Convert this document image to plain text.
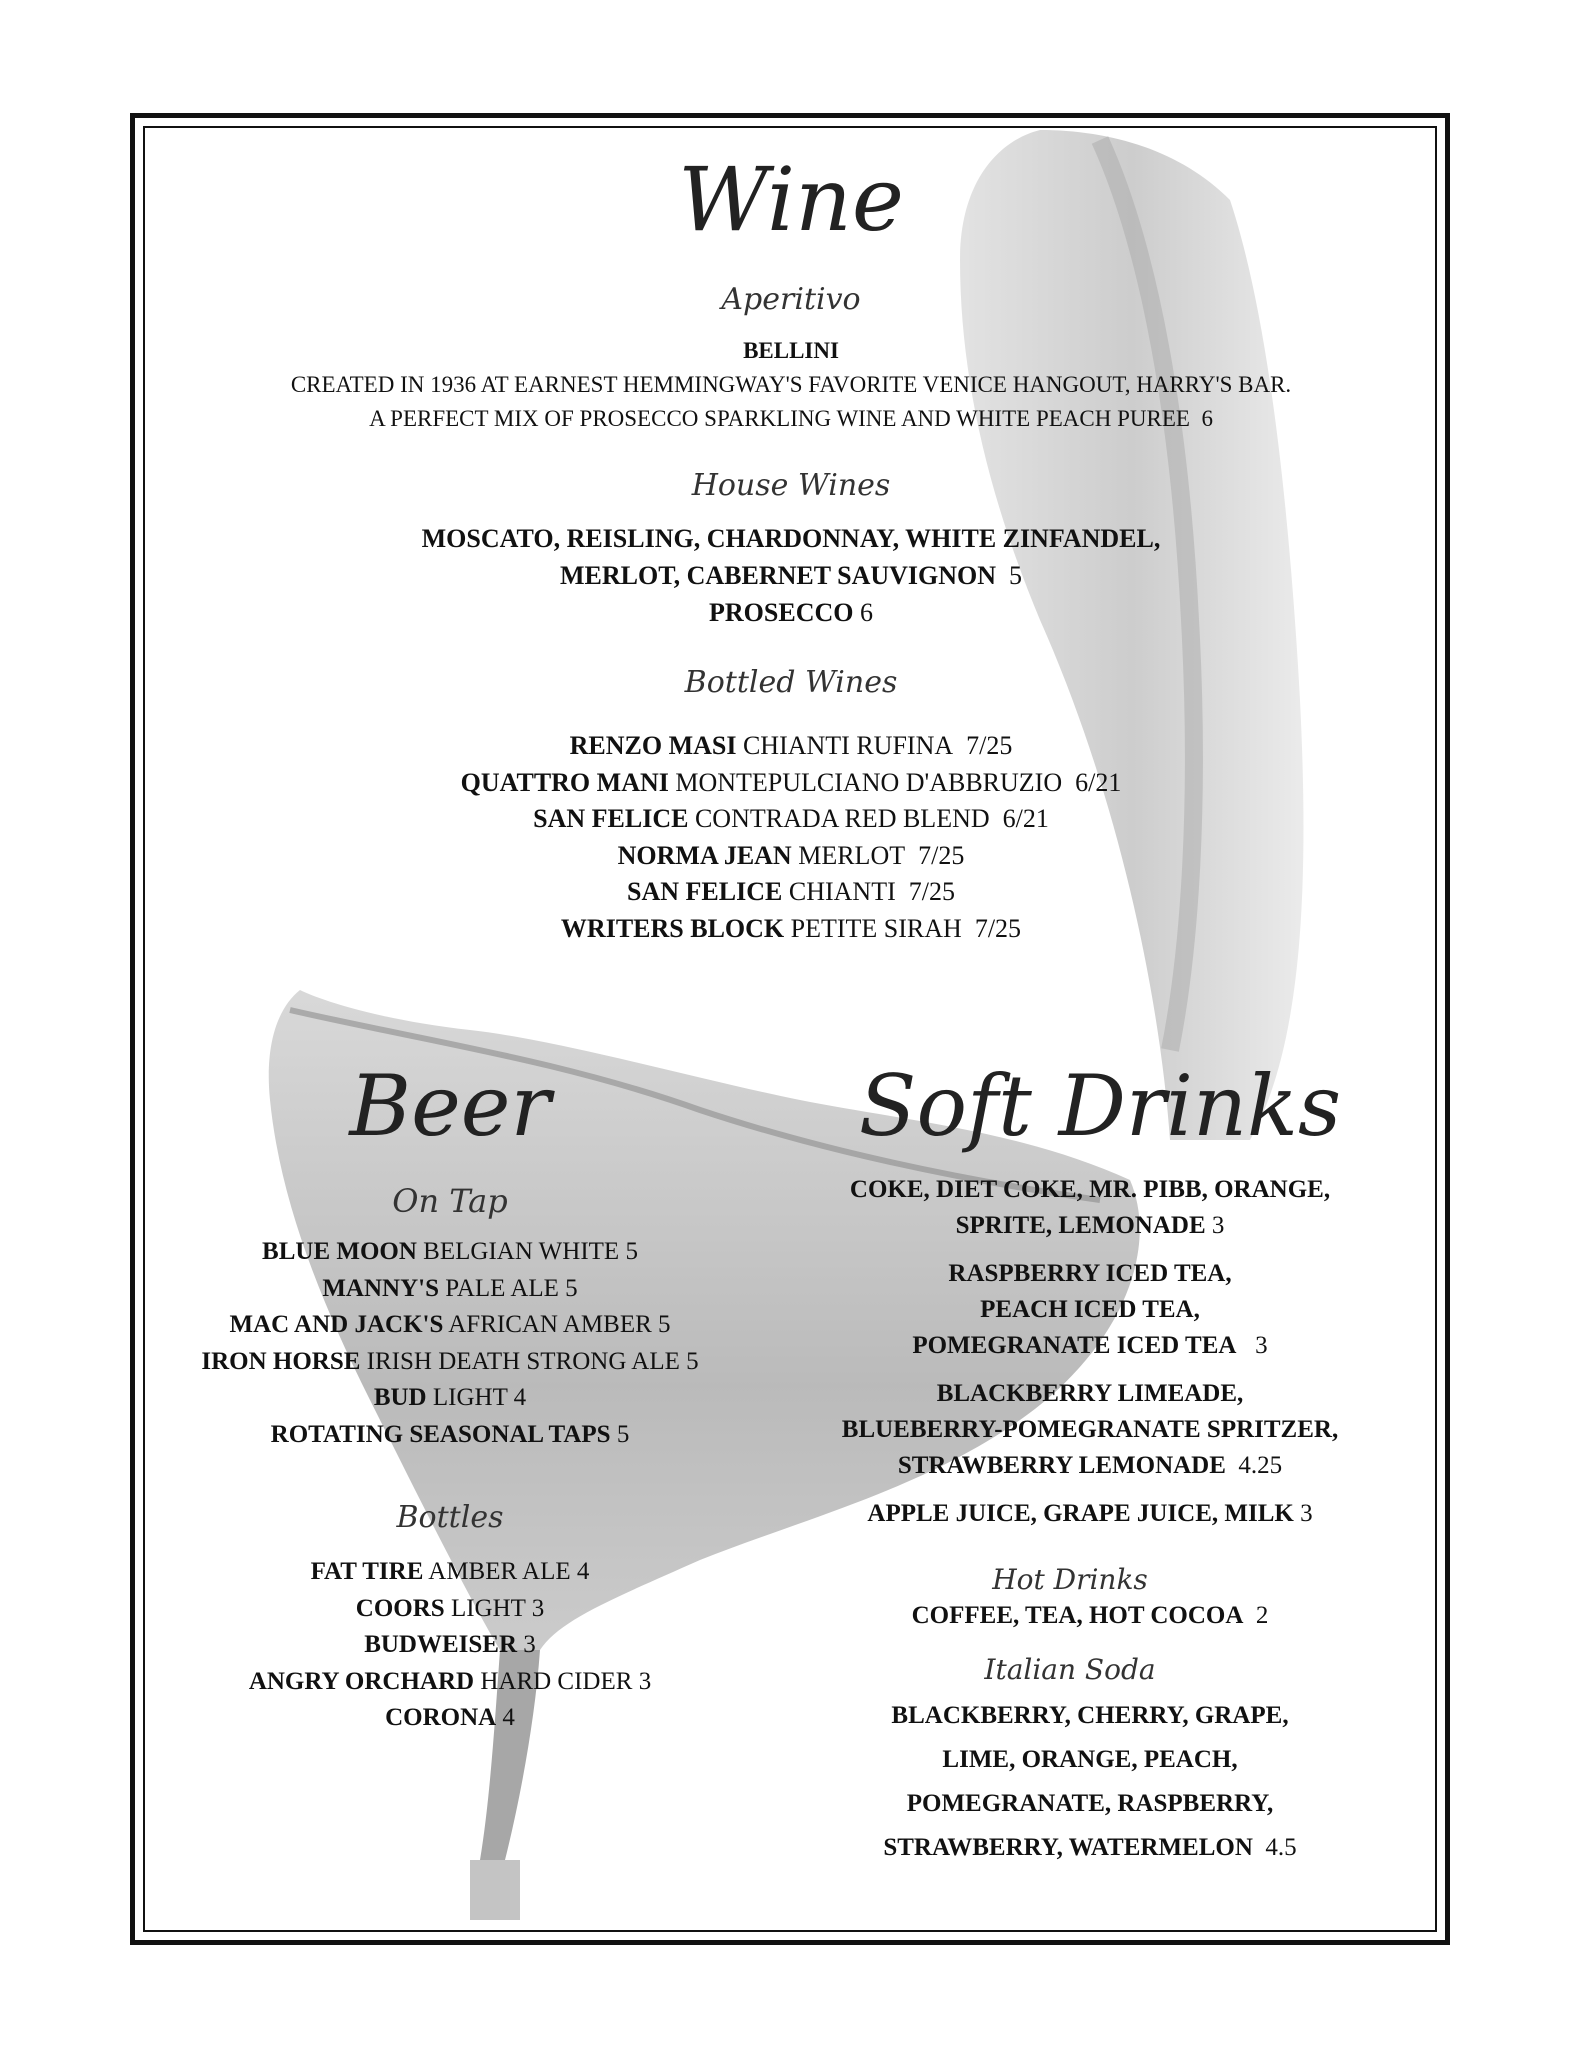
Wine
Aperitivo
BELLINI
CREATED IN 1936 AT EARNEST HEMMINGWAY'S FAVORITE VENICE HANGOUT, HARRY'S BAR.
A PERFECT MIX OF PROSECCO SPARKLING WINE AND WHITE PEACH PUREE 6
House Wines
MOSCATO, REISLING, CHARDONNAY, WHITE ZINFANDEL,
MERLOT, CABERNET SAUVIGNON 5
PROSECCO 6
Bottled Wines
RENZO MASI CHIANTI RUFINA 7/25
QUATTRO MANI MONTEPULCIANO D'ABBRUZIO 6/21
SAN FELICE CONTRADA RED BLEND 6/21
NORMA JEAN MERLOT 7/25
SAN FELICE CHIANTI 7/25
WRITERS BLOCK PETITE SIRAH 7/25
Beer
On Tap
BLUE MOON BELGIAN WHITE 5
MANNY'S PALE ALE 5
MAC AND JACK'S AFRICAN AMBER 5
IRON HORSE IRISH DEATH STRONG ALE 5
BUD LIGHT 4
ROTATING SEASONAL TAPS 5
Bottles
FAT TIRE AMBER ALE 4
COORS LIGHT 3
BUDWEISER 3
ANGRY ORCHARD HARD CIDER 3
CORONA 4
Soft Drinks
COKE, DIET COKE, MR. PIBB, ORANGE,
SPRITE, LEMONADE 3
RASPBERRY ICED TEA,
PEACH ICED TEA,
POMEGRANATE ICED TEA 3
BLACKBERRY LIMEADE,
BLUEBERRY-POMEGRANATE SPRITZER,
STRAWBERRY LEMONADE 4.25
APPLE JUICE, GRAPE JUICE, MILK 3
Hot Drinks
COFFEE, TEA, HOT COCOA 2
Italian Soda
BLACKBERRY, CHERRY, GRAPE,
LIME, ORANGE, PEACH,
POMEGRANATE, RASPBERRY,
STRAWBERRY, WATERMELON 4.5
